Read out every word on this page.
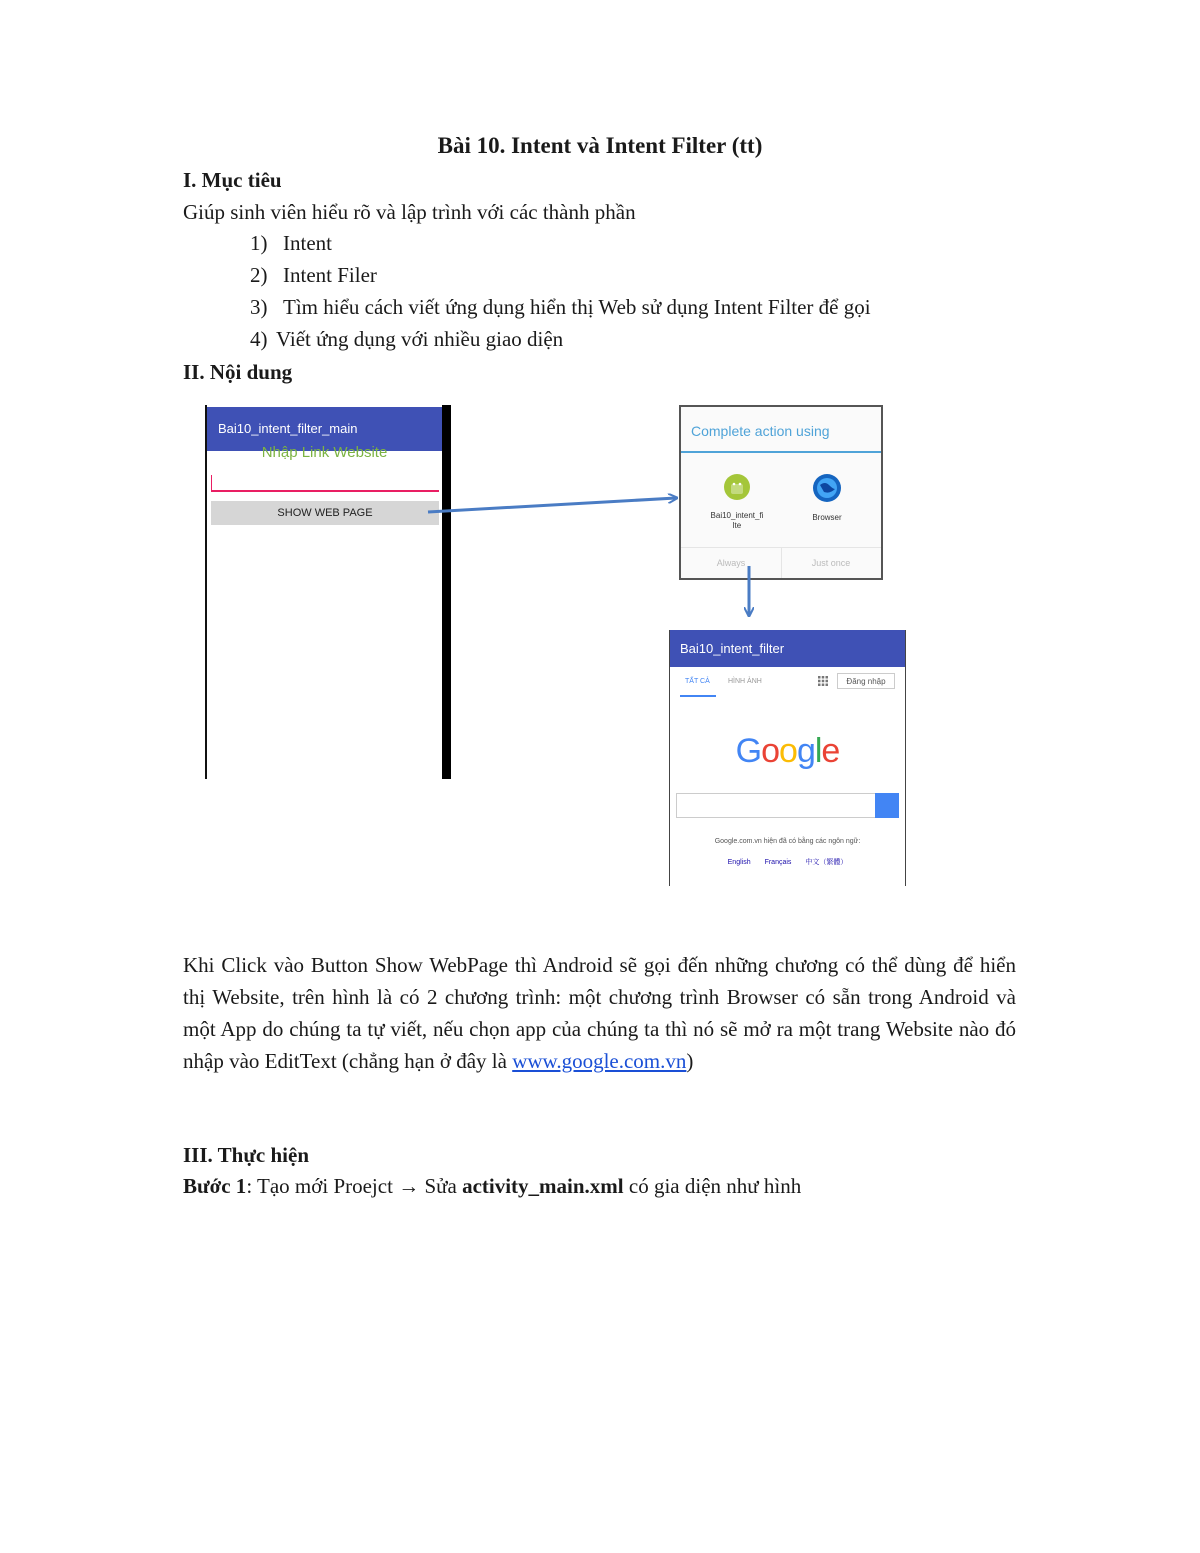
Bài 10. Intent và Intent Filter (tt)
I. Mục tiêu
Giúp sinh viên hiểu rõ và lập trình với các thành phần
1) Intent
2) Intent Filer
3) Tìm hiểu cách viết ứng dụng hiển thị Web sử dụng Intent Filter để gọi
4) Viết ứng dụng với nhiều giao diện
II. Nội dung
Bai10_intent_filter_main
Nhập Link Website
SHOW WEB PAGE
Complete action using
Bai10_intent_fi
lte
Browser
Always	Just once
Bai10_intent_filter
TẤT CẢ	HÌNH ẢNH	Đăng nhập
Google
Google.com.vn hiện đã có bằng các ngôn ngữ:
English Français 中文（繁體）
Khi Click vào Button Show WebPage thì Android sẽ gọi đến những chương có thể dùng để hiển thị Website, trên hình là có 2 chương trình: một chương trình Browser có sẵn trong Android và một App do chúng ta tự viết, nếu chọn app của chúng ta thì nó sẽ mở ra một trang Website nào đó nhập vào EditText (chẳng hạn ở đây là www.google.com.vn)
III. Thực hiện
Bước 1: Tạo mới Proejct → Sửa activity_main.xml có gia diện như hình
